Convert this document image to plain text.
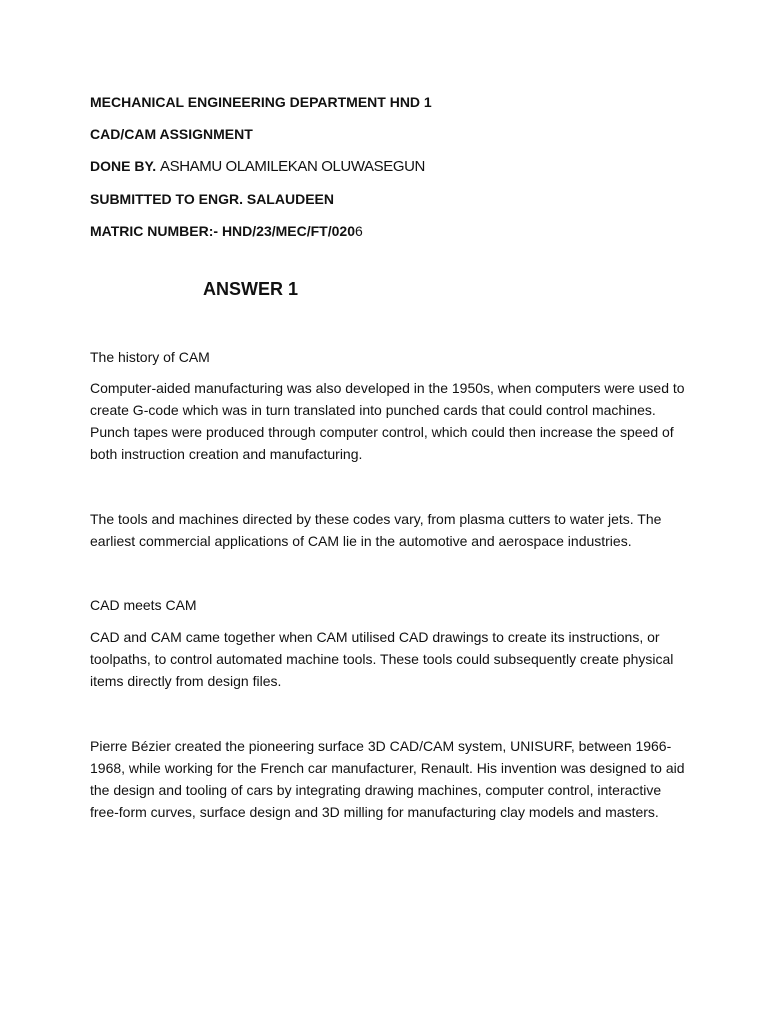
MECHANICAL ENGINEERING DEPARTMENT HND 1
CAD/CAM ASSIGNMENT
DONE BY. ASHAMU OLAMILEKAN OLUWASEGUN
SUBMITTED TO ENGR. SALAUDEEN
MATRIC NUMBER:- HND/23/MEC/FT/0206
ANSWER 1
The history of CAM

Computer-aided manufacturing was also developed in the 1950s, when computers were used to create G-code which was in turn translated into punched cards that could control machines. Punch tapes were produced through computer control, which could then increase the speed of both instruction creation and manufacturing.

The tools and machines directed by these codes vary, from plasma cutters to water jets. The earliest commercial applications of CAM lie in the automotive and aerospace industries.

CAD meets CAM

CAD and CAM came together when CAM utilised CAD drawings to create its instructions, or toolpaths, to control automated machine tools. These tools could subsequently create physical items directly from design files.

Pierre Bézier created the pioneering surface 3D CAD/CAM system, UNISURF, between 1966-1968, while working for the French car manufacturer, Renault. His invention was designed to aid the design and tooling of cars by integrating drawing machines, computer control, interactive free-form curves, surface design and 3D milling for manufacturing clay models and masters.
